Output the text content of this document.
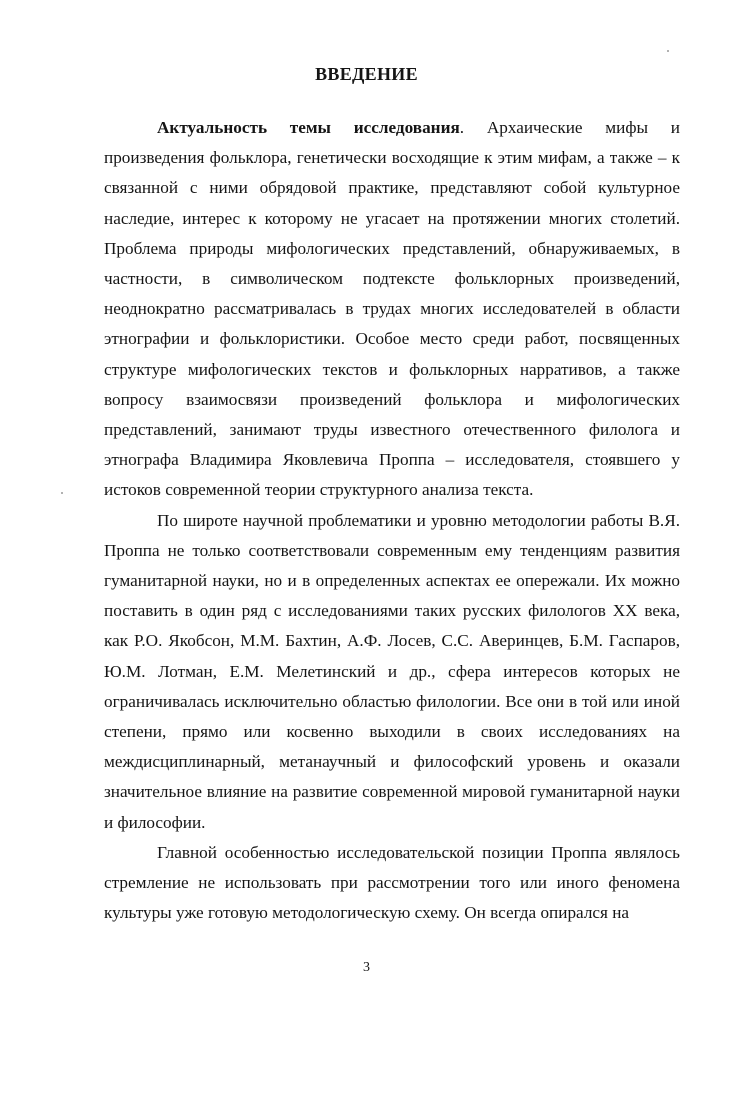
ВВЕДЕНИЕ

Актуальность темы исследования. Архаические мифы и произведения фольклора, генетически восходящие к этим мифам, а также – к связанной с ними обрядовой практике, представляют собой культурное наследие, интерес к которому не угасает на протяжении многих столетий. Проблема природы мифологических представлений, обнаруживаемых, в частности, в символическом подтексте фольклорных произведений, неоднократно рассматривалась в трудах многих исследователей в области этнографии и фольклористики. Особое место среди работ, посвященных структуре мифологических текстов и фольклорных нарративов, а также вопросу взаимосвязи произведений фольклора и мифологических представлений, занимают труды известного отечественного филолога и этнографа Владимира Яковлевича Проппа – исследователя, стоявшего у истоков современной теории структурного анализа текста.

По широте научной проблематики и уровню методологии работы В.Я. Проппа не только соответствовали современным ему тенденциям развития гуманитарной науки, но и в определенных аспектах ее опережали. Их можно поставить в один ряд с исследованиями таких русских филологов XX века, как Р.О. Якобсон, М.М. Бахтин, А.Ф. Лосев, С.С. Аверинцев, Б.М. Гаспаров, Ю.М. Лотман, Е.М. Мелетинский и др., сфера интересов которых не ограничивалась исключительно областью филологии. Все они в той или иной степени, прямо или косвенно выходили в своих исследованиях на междисциплинарный, метанаучный и философский уровень и оказали значительное влияние на развитие современной мировой гуманитарной науки и философии.

Главной особенностью исследовательской позиции Проппа являлось стремление не использовать при рассмотрении того или иного феномена культуры уже готовую методологическую схему. Он всегда опирался на

3
